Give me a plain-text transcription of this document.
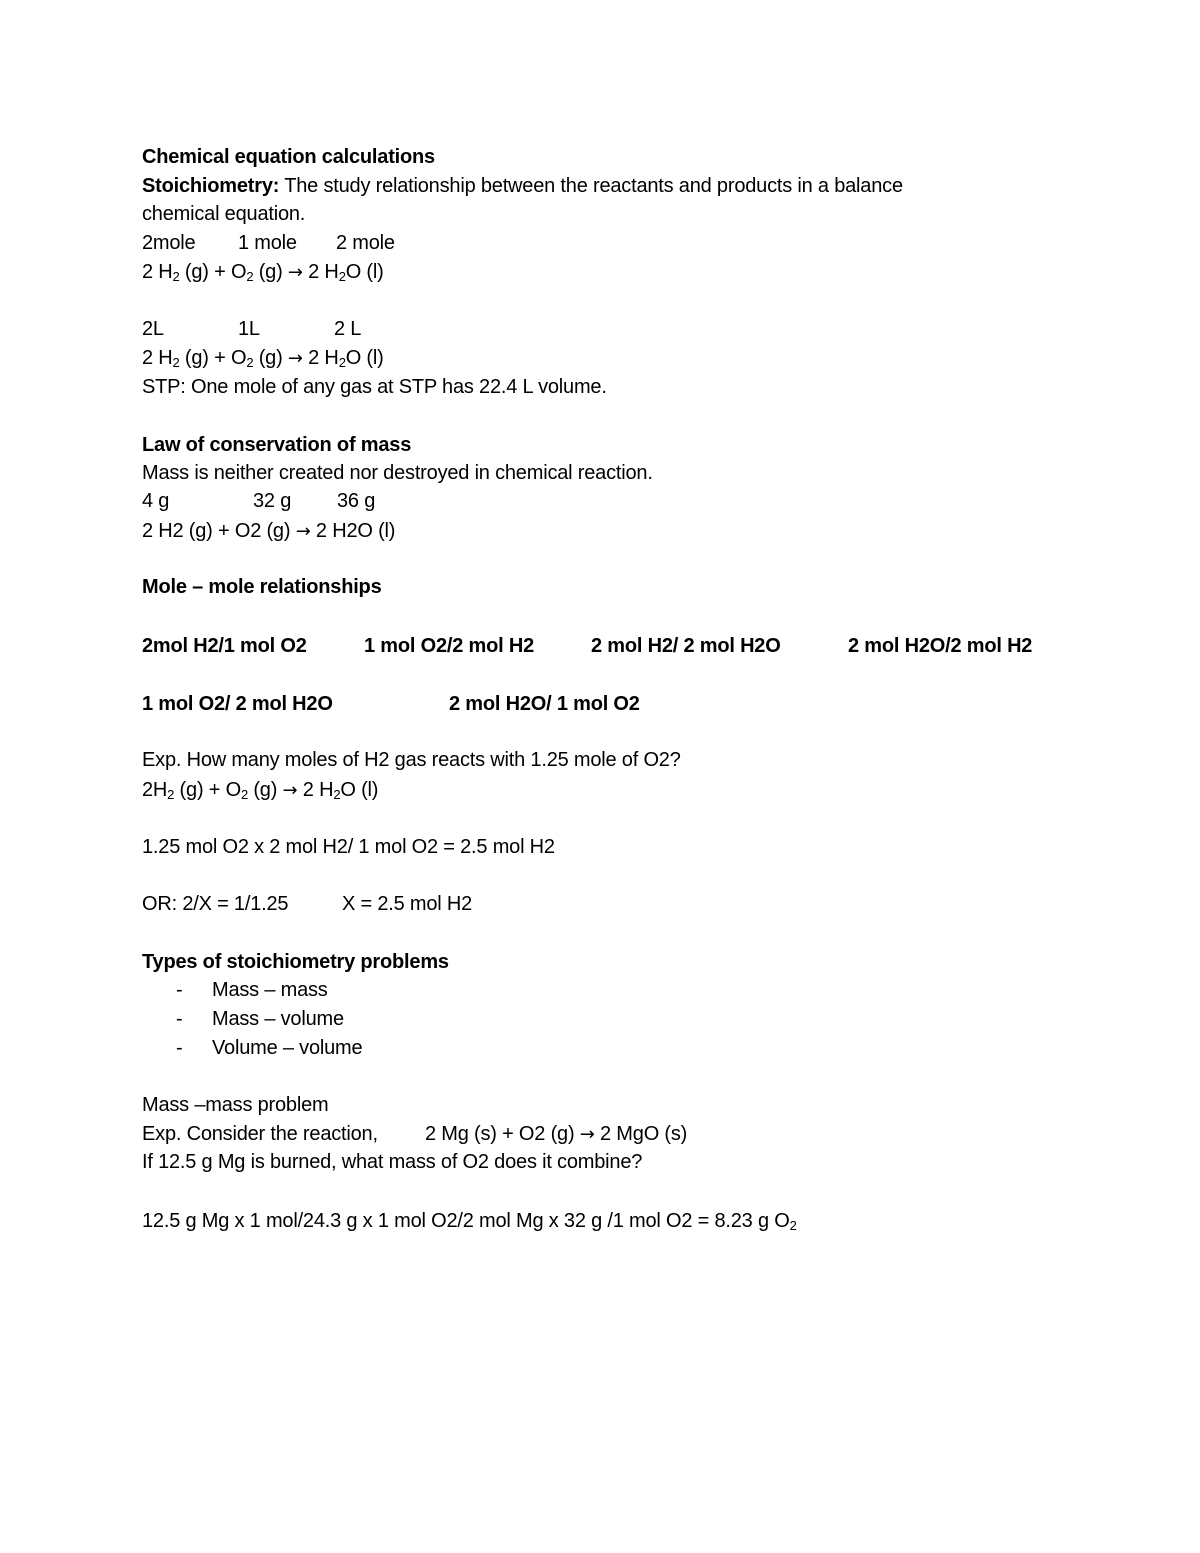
Chemical equation calculations
Stoichiometry: The study relationship between the reactants and products in a balance
chemical equation.
2mole 1 mole 2 mole
2 $H_2$ $(g) + O_2$ (g) → 2 $H_2O$ (l)
2L	1L	2 L
2 $H_2$ $(g) + O_2$ (g) → 2 $H_2O$ (l)
STP: One mole of any gas at STP has 22.4 L volume.
Law of conservation of mass
Mass is neither created nor destroyed in chemical reaction.
4 g	32 g 36 g
2 H2 (g) + O2 (g) → 2 H2O (l)
Mole – mole relationships
2mol H2/1 mol O2	1 mol O2/2 mol H2	2 mol H2/ 2 mol H2O	2 mol H2O/2 mol H2
1 mol O2/ 2 mol H2O	2 mol H2O/ 1 mol O2
Exp. How many moles of H2 gas reacts with 1.25 mole of O2?
$2H_2$ $(g) + O_2$ (g) → 2 $H_2O$ (l)
1.25 mol O2 x 2 mol H2/ 1 mol O2 = 2.5 mol H2
OR: 2/X = 1/1.25	X = 2.5 mol H2
Types of stoichiometry problems
- Mass – mass
- Mass – volume
- Volume – volume
Mass –mass problem
Exp. Consider the reaction, 2 Mg (s) + O2 (g) → 2 MgO (s)
If 12.5 g Mg is burned, what mass of O2 does it combine?
12.5 g Mg x 1 mol/24.3 g x 1 mol O2/2 mol Mg x 32 g /1 mol O2 = 8.23 g $O_2$
